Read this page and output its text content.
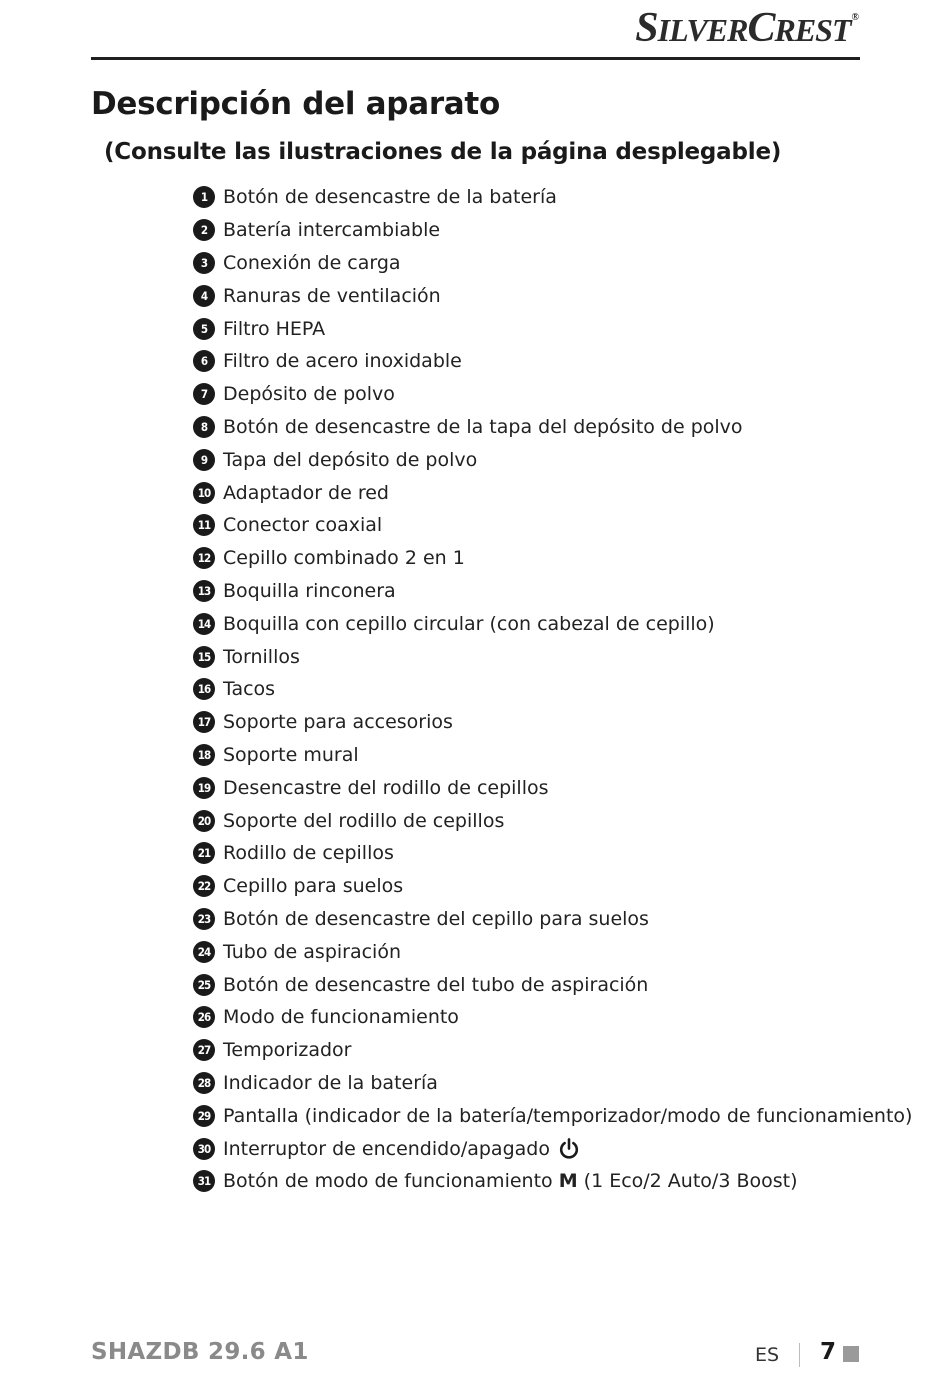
SILVERCREST®
Descripción del aparato
(Consulte las ilustraciones de la página desplegable)
1 Botón de desencastre de la batería
2 Batería intercambiable
3 Conexión de carga
4 Ranuras de ventilación
5 Filtro HEPA
6 Filtro de acero inoxidable
7 Depósito de polvo
8 Botón de desencastre de la tapa del depósito de polvo
9 Tapa del depósito de polvo
10 Adaptador de red
11 Conector coaxial
12 Cepillo combinado 2 en 1
13 Boquilla rinconera
14 Boquilla con cepillo circular (con cabezal de cepillo)
15 Tornillos
16 Tacos
17 Soporte para accesorios
18 Soporte mural
19 Desencastre del rodillo de cepillos
20 Soporte del rodillo de cepillos
21 Rodillo de cepillos
22 Cepillo para suelos
23 Botón de desencastre del cepillo para suelos
24 Tubo de aspiración
25 Botón de desencastre del tubo de aspiración
26 Modo de funcionamiento
27 Temporizador
28 Indicador de la batería
29 Pantalla (indicador de la batería/temporizador/modo de funcionamiento)
30 Interruptor de encendido/apagado
31 Botón de modo de funcionamiento M (1 Eco/2 Auto/3 Boost)
SHAZDB 29.6 A1	ES 7
